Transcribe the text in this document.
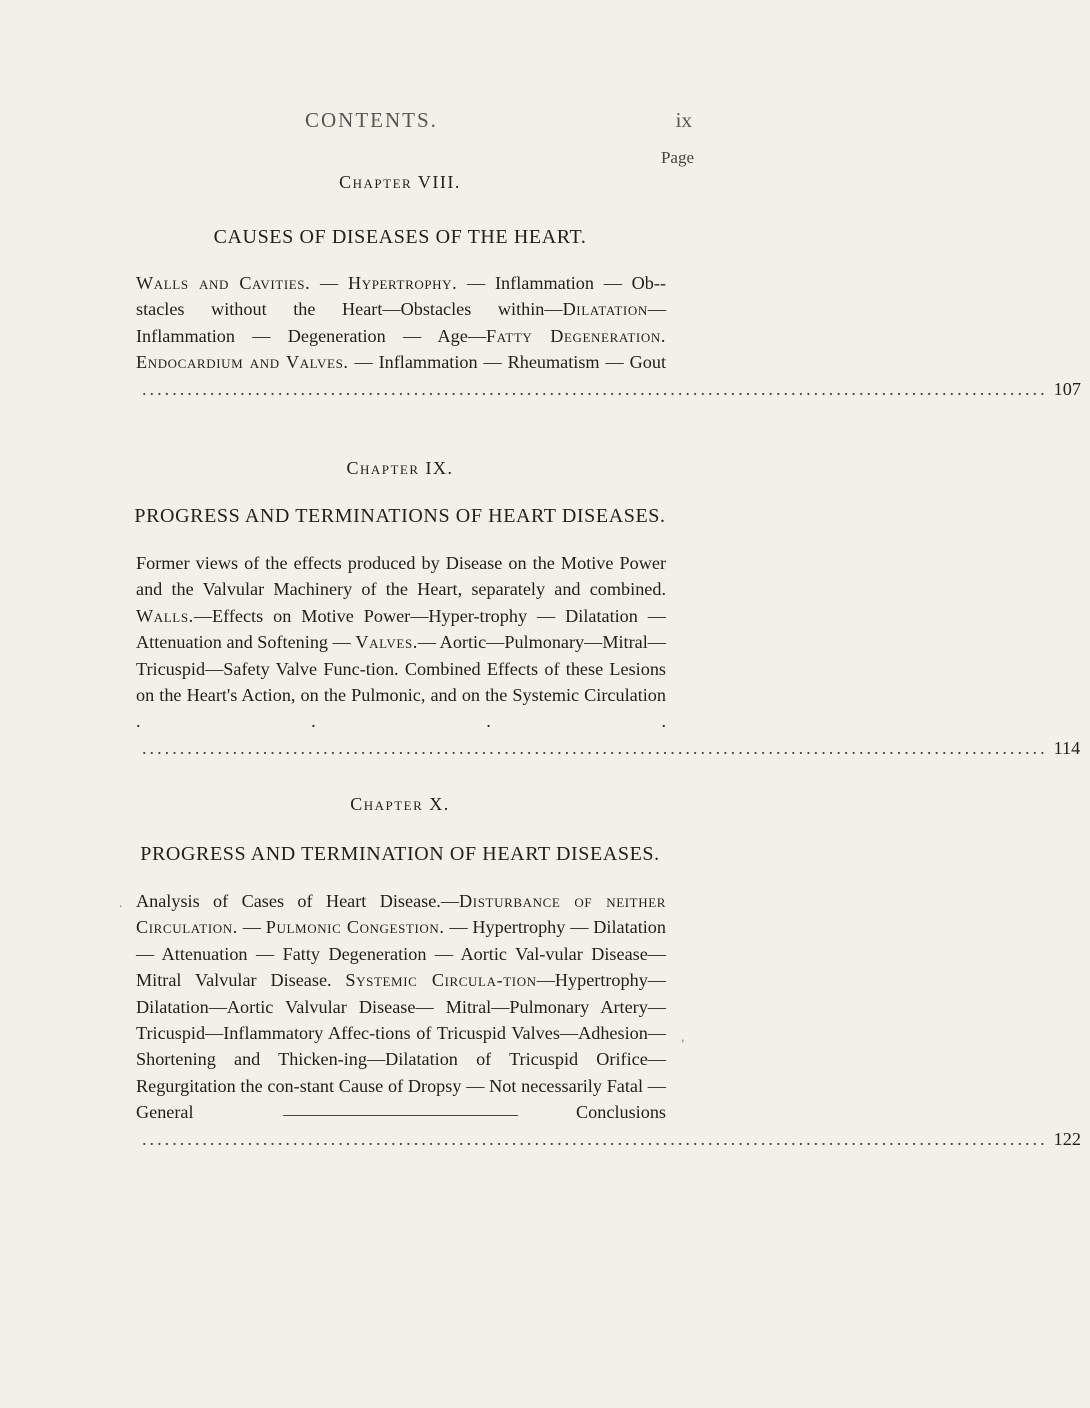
CONTENTS.	ix
Page

Chapter VIII.

CAUSES OF DISEASES OF THE HEART.
Walls and Cavities. — Hypertrophy. — Inflammation — Ob-stacles without the Heart—Obstacles within—Dilatation— Inflammation — Degeneration — Age—Fatty Degeneration. Endocardium and Valves. — Inflammation — Rheumatism — Gout
........................................................................................................................ 107

Chapter IX.

PROGRESS AND TERMINATIONS OF HEART DISEASES.
Former views of the effects produced by Disease on the Motive Power and the Valvular Machinery of the Heart, separately and combined. Walls.—Effects on Motive Power—Hyper-trophy — Dilatation — Attenuation and Softening — Valves.— Aortic—Pulmonary—Mitral—Tricuspid—Safety Valve Func-tion. Combined Effects of these Lesions on the Heart's Action, on the Pulmonic, and on the Systemic Circulation . . . .
........................................................................................................................ 114

Chapter X.

PROGRESS AND TERMINATION OF HEART DISEASES.
Analysis of Cases of Heart Disease.—Disturbance of neither Circulation. — Pulmonic Congestion. — Hypertrophy — Dilatation — Attenuation — Fatty Degeneration — Aortic Val-vular Disease—Mitral Valvular Disease. Systemic Circula-tion—Hypertrophy—Dilatation—Aortic Valvular Disease— Mitral—Pulmonary Artery—Tricuspid—Inflammatory Affec-tions of Tricuspid Valves—Adhesion—Shortening and Thicken-ing—Dilatation of Tricuspid Orifice—Regurgitation the con-stant Cause of Dropsy — Not necessarily Fatal — General Conclusions
........................................................................................................................ 122
.
,
